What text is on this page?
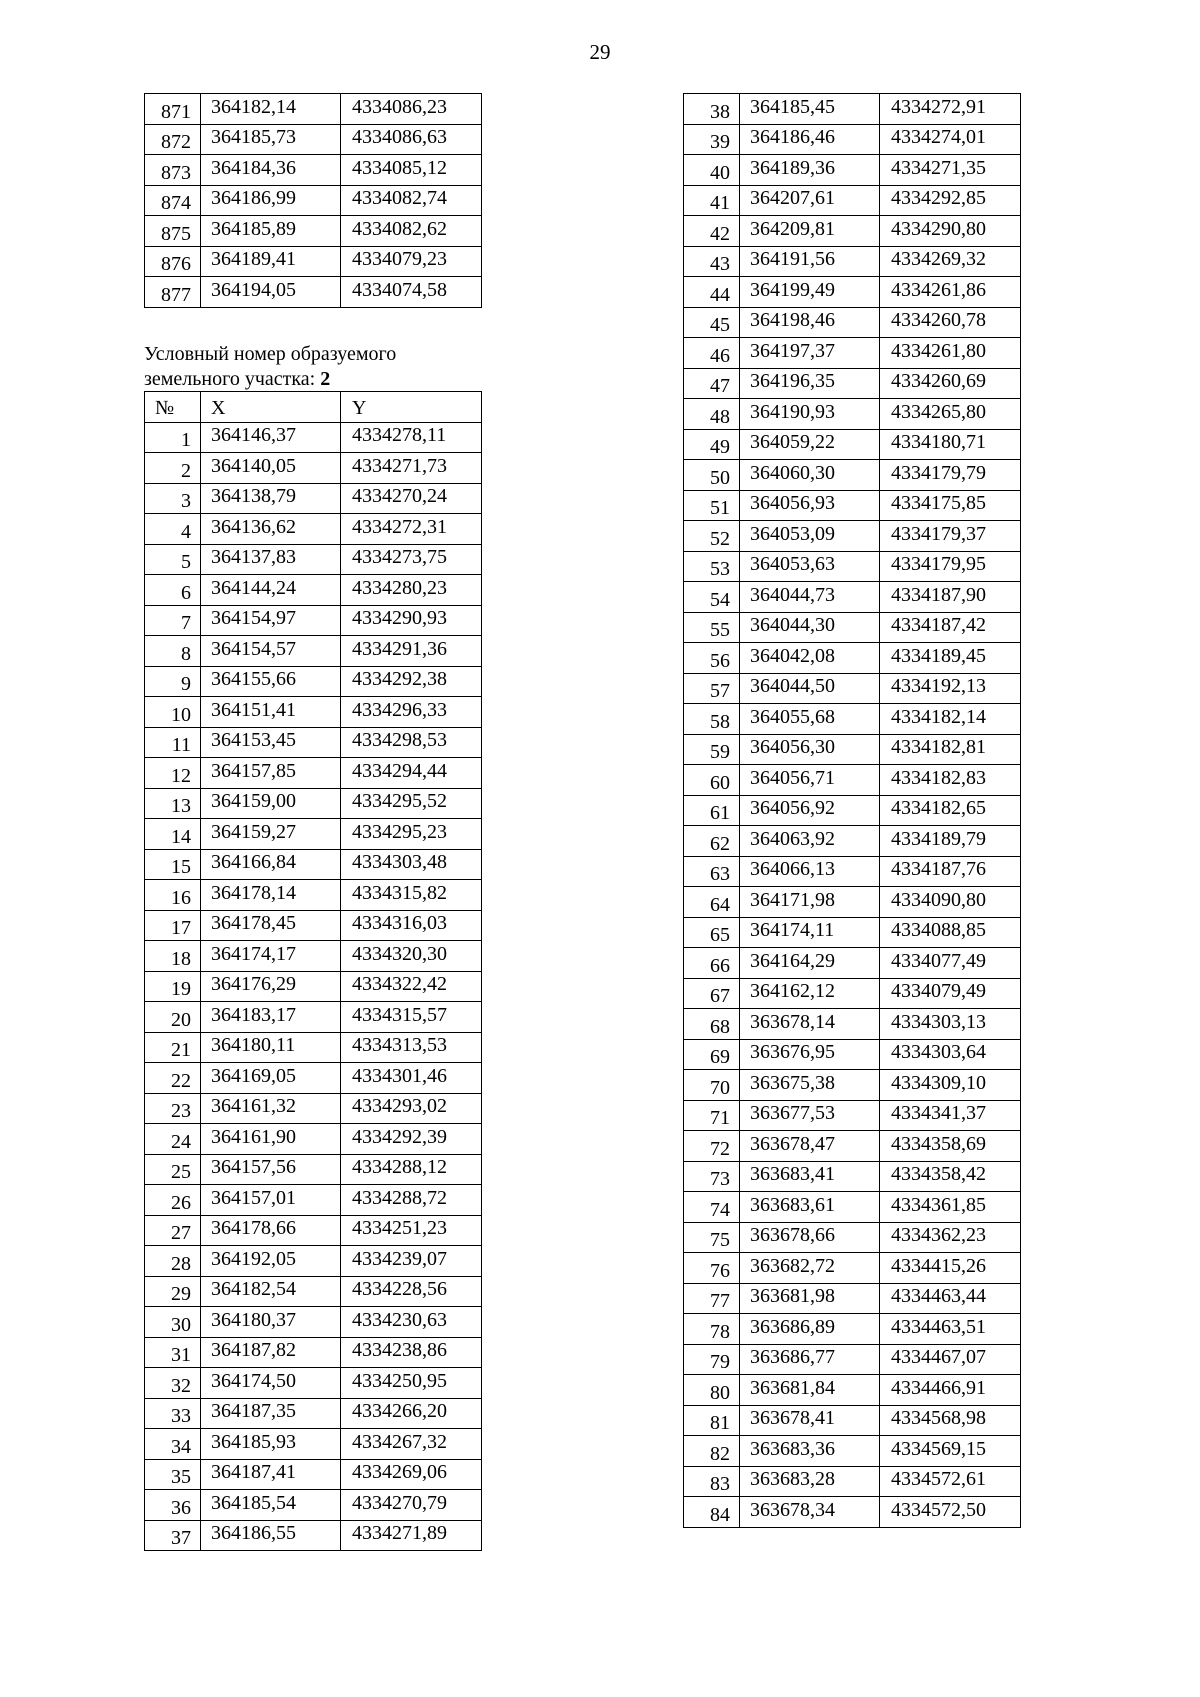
29
871	364182,14	4334086,23
872	364185,73	4334086,63
873	364184,36	4334085,12
874	364186,99	4334082,74
875	364185,89	4334082,62
876	364189,41	4334079,23
877	364194,05	4334074,58
Условный номер образуемого
земельного участка: 2
№	X	Y
1	364146,37	4334278,11
2	364140,05	4334271,73
3	364138,79	4334270,24
4	364136,62	4334272,31
5	364137,83	4334273,75
6	364144,24	4334280,23
7	364154,97	4334290,93
8	364154,57	4334291,36
9	364155,66	4334292,38
10	364151,41	4334296,33
11	364153,45	4334298,53
12	364157,85	4334294,44
13	364159,00	4334295,52
14	364159,27	4334295,23
15	364166,84	4334303,48
16	364178,14	4334315,82
17	364178,45	4334316,03
18	364174,17	4334320,30
19	364176,29	4334322,42
20	364183,17	4334315,57
21	364180,11	4334313,53
22	364169,05	4334301,46
23	364161,32	4334293,02
24	364161,90	4334292,39
25	364157,56	4334288,12
26	364157,01	4334288,72
27	364178,66	4334251,23
28	364192,05	4334239,07
29	364182,54	4334228,56
30	364180,37	4334230,63
31	364187,82	4334238,86
32	364174,50	4334250,95
33	364187,35	4334266,20
34	364185,93	4334267,32
35	364187,41	4334269,06
36	364185,54	4334270,79
37	364186,55	4334271,89
38	364185,45	4334272,91
39	364186,46	4334274,01
40	364189,36	4334271,35
41	364207,61	4334292,85
42	364209,81	4334290,80
43	364191,56	4334269,32
44	364199,49	4334261,86
45	364198,46	4334260,78
46	364197,37	4334261,80
47	364196,35	4334260,69
48	364190,93	4334265,80
49	364059,22	4334180,71
50	364060,30	4334179,79
51	364056,93	4334175,85
52	364053,09	4334179,37
53	364053,63	4334179,95
54	364044,73	4334187,90
55	364044,30	4334187,42
56	364042,08	4334189,45
57	364044,50	4334192,13
58	364055,68	4334182,14
59	364056,30	4334182,81
60	364056,71	4334182,83
61	364056,92	4334182,65
62	364063,92	4334189,79
63	364066,13	4334187,76
64	364171,98	4334090,80
65	364174,11	4334088,85
66	364164,29	4334077,49
67	364162,12	4334079,49
68	363678,14	4334303,13
69	363676,95	4334303,64
70	363675,38	4334309,10
71	363677,53	4334341,37
72	363678,47	4334358,69
73	363683,41	4334358,42
74	363683,61	4334361,85
75	363678,66	4334362,23
76	363682,72	4334415,26
77	363681,98	4334463,44
78	363686,89	4334463,51
79	363686,77	4334467,07
80	363681,84	4334466,91
81	363678,41	4334568,98
82	363683,36	4334569,15
83	363683,28	4334572,61
84	363678,34	4334572,50
